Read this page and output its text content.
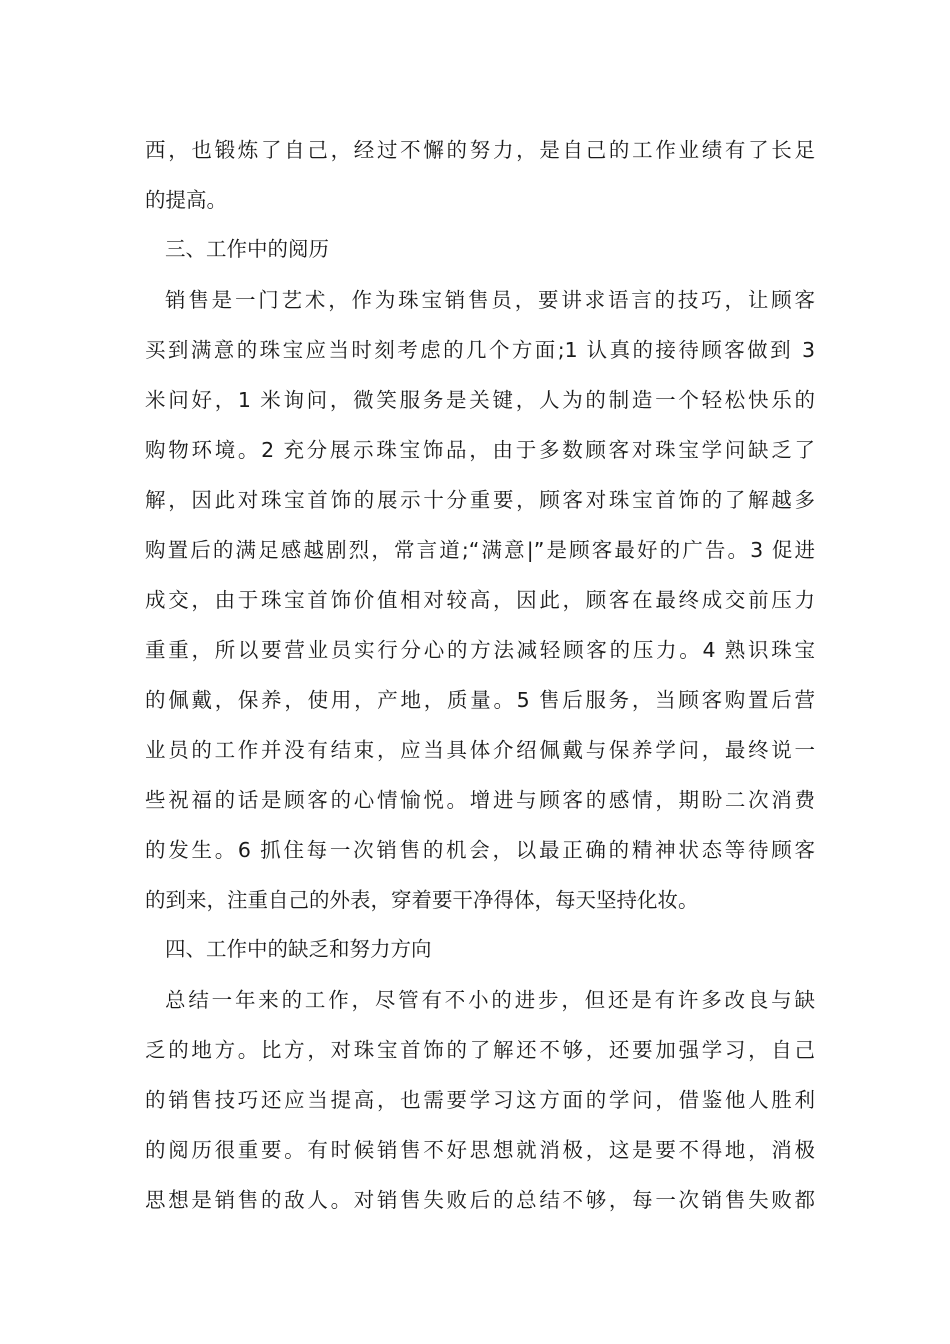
西，也锻炼了自己，经过不懈的努力，是自己的工作业绩有了长足
的提高。
三、工作中的阅历
销售是一门艺术，作为珠宝销售员，要讲求语言的技巧，让顾客
买到满意的珠宝应当时刻考虑的几个方面;1 认真的接待顾客做到 3
米问好，1 米询问，微笑服务是关键，人为的制造一个轻松快乐的
购物环境。2 充分展示珠宝饰品，由于多数顾客对珠宝学问缺乏了
解，因此对珠宝首饰的展示十分重要，顾客对珠宝首饰的了解越多
购置后的满足感越剧烈，常言道;“满意|”是顾客最好的广告。3 促进
成交，由于珠宝首饰价值相对较高，因此，顾客在最终成交前压力
重重，所以要营业员实行分心的方法减轻顾客的压力。4 熟识珠宝
的佩戴，保养，使用，产地，质量。5 售后服务，当顾客购置后营
业员的工作并没有结束，应当具体介绍佩戴与保养学问，最终说一
些祝福的话是顾客的心情愉悦。增进与顾客的感情，期盼二次消费
的发生。6 抓住每一次销售的机会，以最正确的精神状态等待顾客
的到来，注重自己的外表，穿着要干净得体，每天坚持化妆。
四、工作中的缺乏和努力方向
总结一年来的工作，尽管有不小的进步，但还是有许多改良与缺
乏的地方。比方，对珠宝首饰的了解还不够，还要加强学习，自己
的销售技巧还应当提高，也需要学习这方面的学问，借鉴他人胜利
的阅历很重要。有时候销售不好思想就消极，这是要不得地，消极
思想是销售的敌人。对销售失败后的总结不够，每一次销售失败都
